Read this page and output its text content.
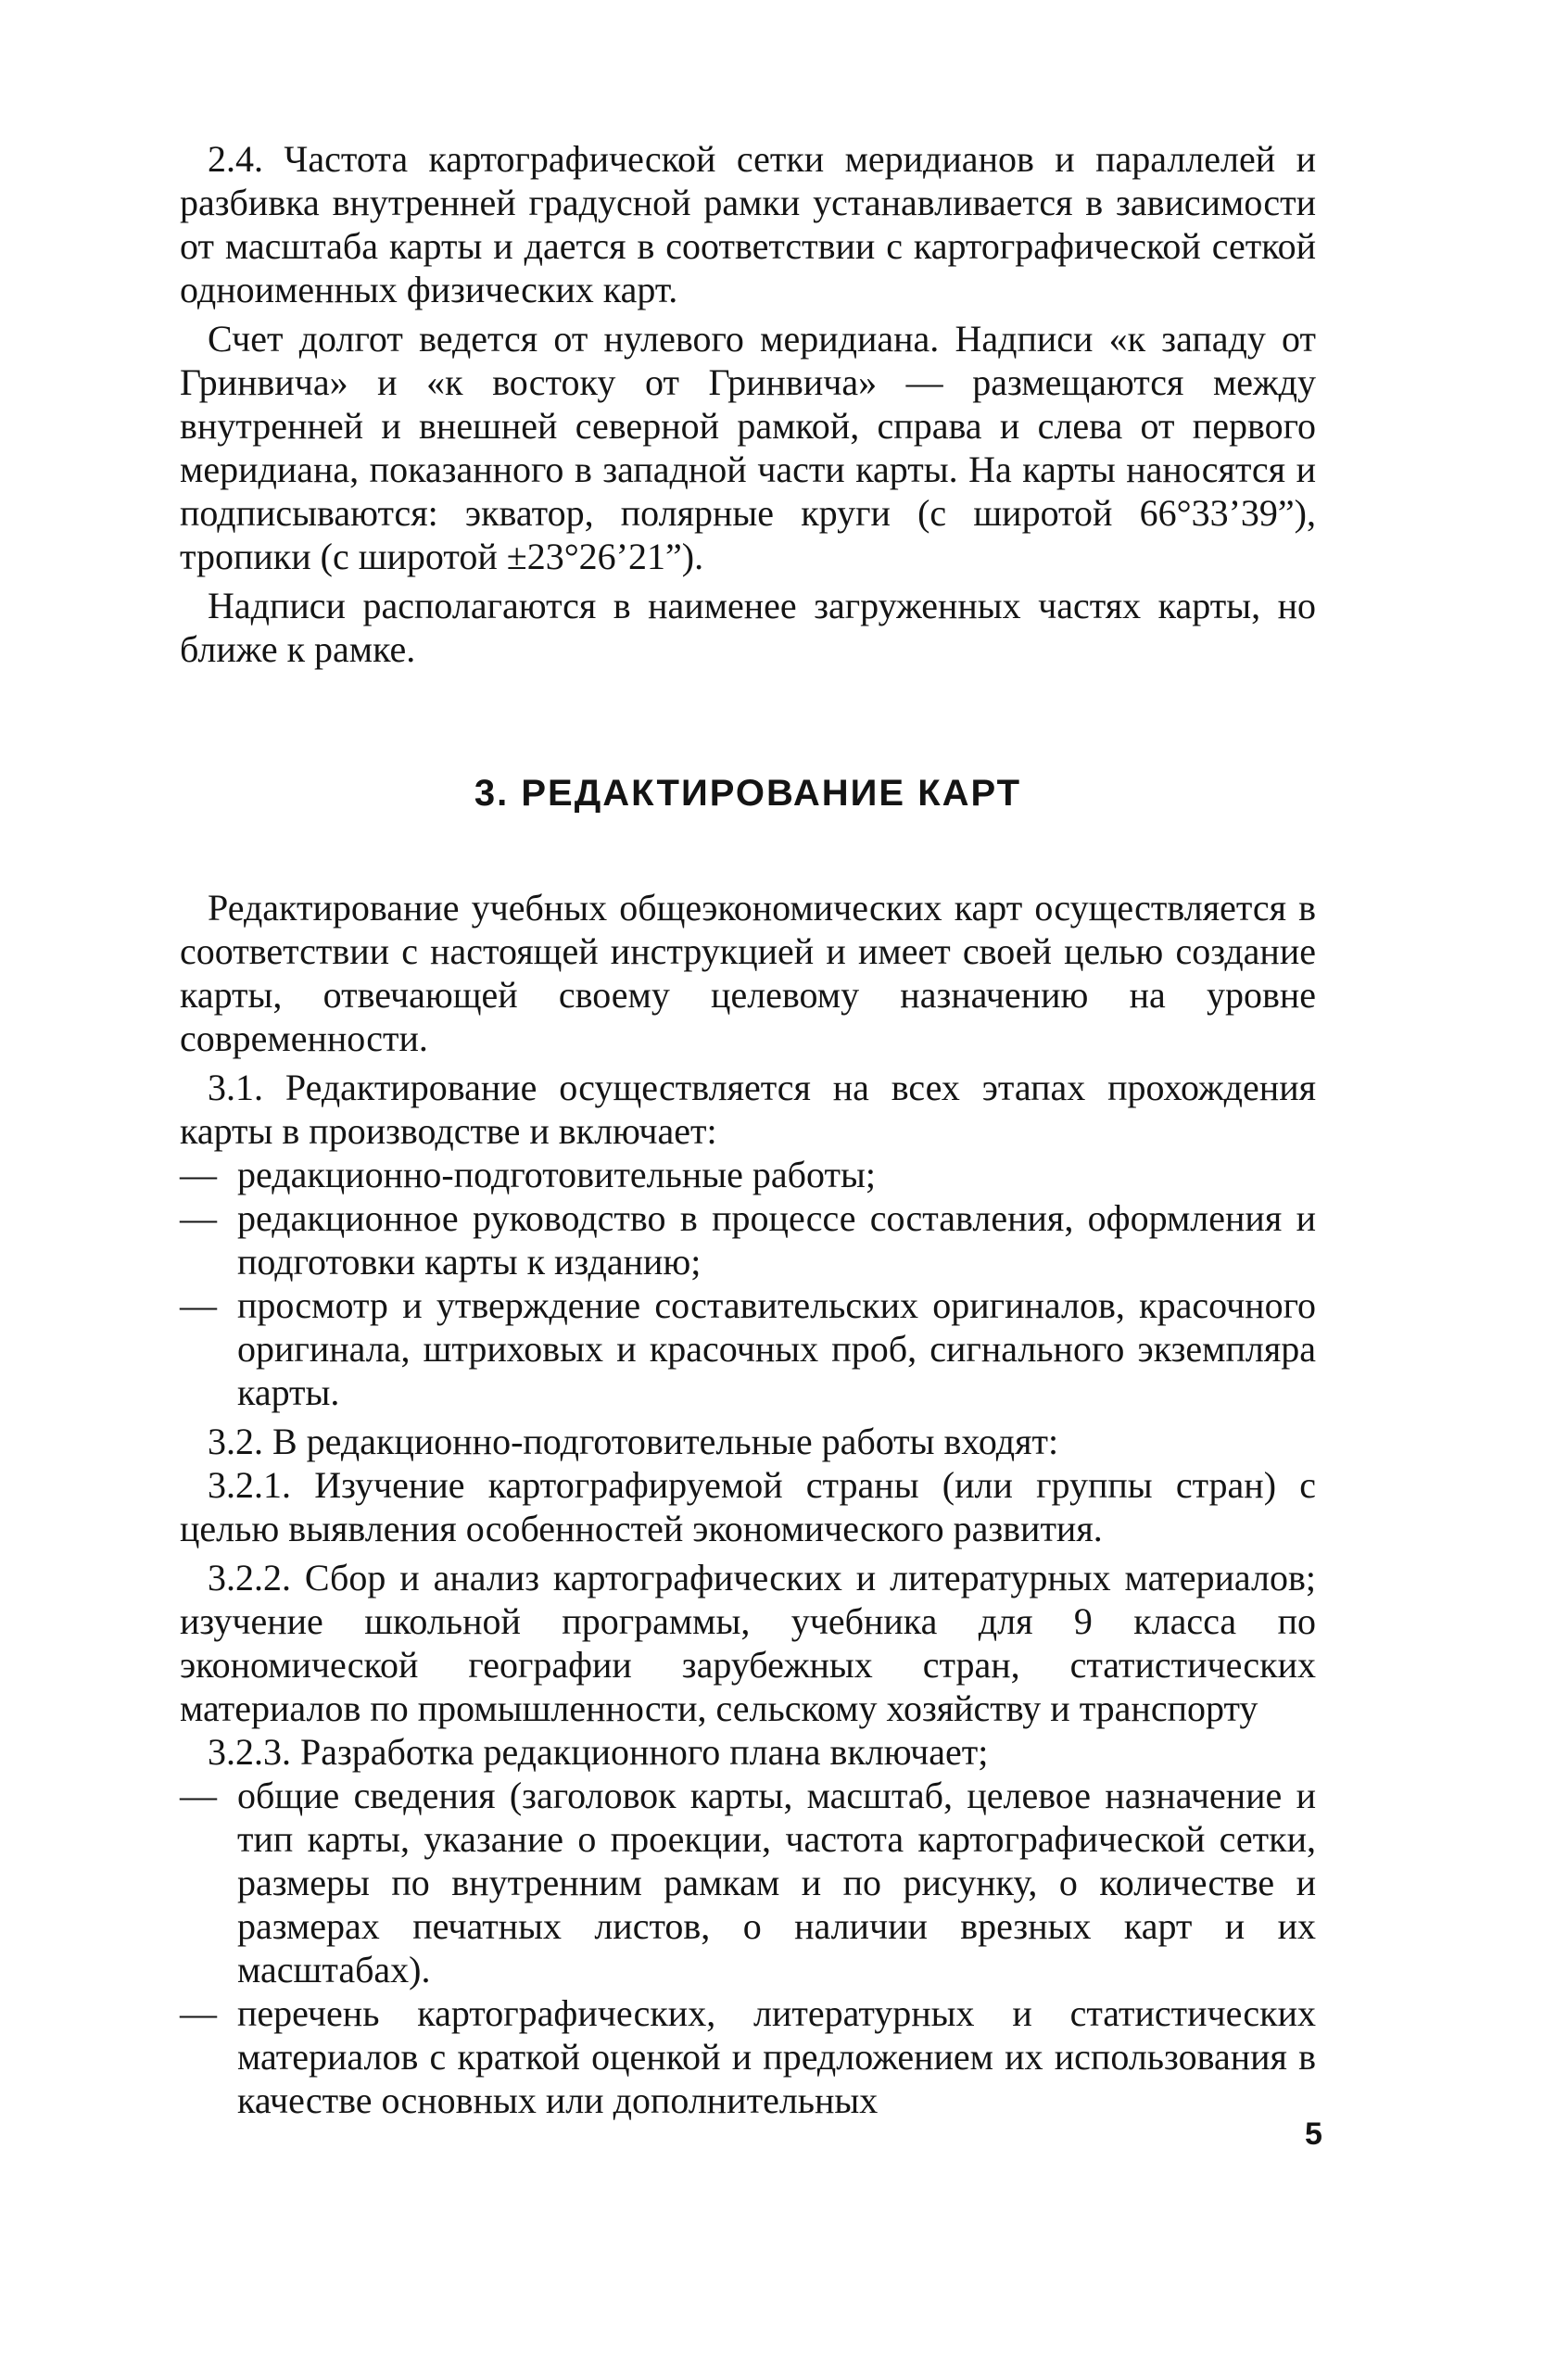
2.4. Частота картографической сетки меридианов и параллелей и разбивка внутренней градусной рамки устанавливается в зависимости от масштаба карты и дается в соответствии с картографической сеткой одноименных физических карт.

Счет долгот ведется от нулевого меридиана. Надписи «к западу от Гринвича» и «к востоку от Гринвича» — размещаются между внутренней и внешней северной рамкой, справа и слева от первого меридиана, показанного в западной части карты. На карты наносятся и подписываются: экватор, полярные круги (с широтой 66°33’39”), тропики (с широтой ±23°26’21”).

Надписи располагаются в наименее загруженных частях карты, но ближе к рамке.

3. РЕДАКТИРОВАНИЕ КАРТ

Редактирование учебных общеэкономических карт осуществляется в соответствии с настоящей инструкцией и имеет своей целью создание карты, отвечающей своему целевому назначению на уровне современности.

3.1. Редактирование осуществляется на всех этапах прохождения карты в производстве и включает:

— редакционно-подготовительные работы;
— редакционное руководство в процессе составления, оформления и подготовки карты к изданию;
— просмотр и утверждение составительских оригиналов, красочного оригинала, штриховых и красочных проб, сигнального экземпляра карты.

3.2. В редакционно-подготовительные работы входят:

3.2.1. Изучение картографируемой страны (или группы стран) с целью выявления особенностей экономического развития.

3.2.2. Сбор и анализ картографических и литературных материалов; изучение школьной программы, учебника для 9 класса по экономической географии зарубежных стран, статистических материалов по промышленности, сельскому хозяйству и транспорту

3.2.3. Разработка редакционного плана включает;

— общие сведения (заголовок карты, масштаб, целевое назначение и тип карты, указание о проекции, частота картографической сетки, размеры по внутренним рамкам и по рисунку, о количестве и размерах печатных листов, о наличии врезных карт и их масштабах).
— перечень картографических, литературных и статистических материалов с краткой оценкой и предложением их использования в качестве основных или дополнительных
5
